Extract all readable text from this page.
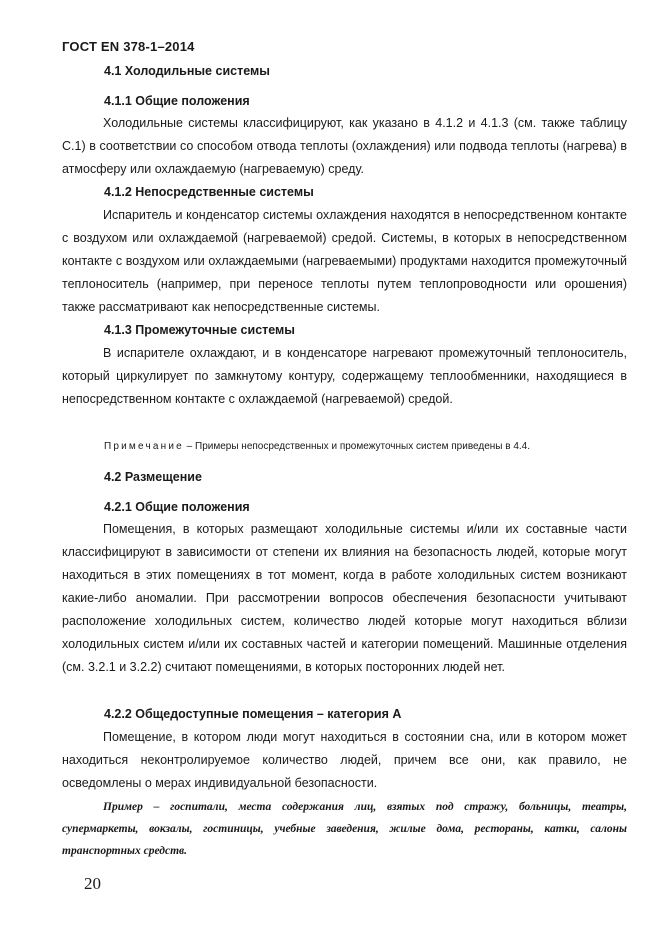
ГОСТ EN 378-1–2014
4.1 Холодильные системы
4.1.1 Общие положения

Холодильные системы классифицируют, как указано в 4.1.2 и 4.1.3 (см. также таблицу С.1) в соответствии со способом отвода теплоты (охлаждения) или подвода теплоты (нагрева) в атмосферу или охлаждаемую (нагреваемую) среду.

4.1.2 Непосредственные системы

Испаритель и конденсатор системы охлаждения находятся в непосредственном контакте с воздухом или охлаждаемой (нагреваемой) средой. Системы, в которых в непосредственном контакте с воздухом или охлаждаемыми (нагреваемыми) продуктами находится промежуточный теплоноситель (например, при переносе теплоты путем теплопроводности или орошения) также рассматривают как непосредственные системы.

4.1.3 Промежуточные системы

В испарителе охлаждают, и в конденсаторе нагревают промежуточный теплоноситель, который циркулирует по замкнутому контуру, содержащему теплообменники, находящиеся в непосредственном контакте с охлаждаемой (нагреваемой) средой.

Примечание – Примеры непосредственных и промежуточных систем приведены в 4.4.
4.2 Размещение
4.2.1 Общие положения

Помещения, в которых размещают холодильные системы и/или их составные части классифицируют в зависимости от степени их влияния на безопасность людей, которые могут находиться в этих помещениях в тот момент, когда в работе холодильных систем возникают какие-либо аномалии. При рассмотрении вопросов обеспечения безопасности учитывают расположение холодильных систем, количество людей которые могут находиться вблизи холодильных систем и/или их составных частей и категории помещений. Машинные отделения (см. 3.2.1 и 3.2.2) считают помещениями, в которых посторонних людей нет.

4.2.2 Общедоступные помещения – категория А

Помещение, в котором люди могут находиться в состоянии сна, или в котором может находиться неконтролируемое количество людей, причем все они, как правило, не осведомлены о мерах индивидуальной безопасности.

Пример – госпитали, места содержания лиц, взятых под стражу, больницы, театры, супермаркеты, вокзалы, гостиницы, учебные заведения, жилые дома, рестораны, катки, салоны транспортных средств.

20
